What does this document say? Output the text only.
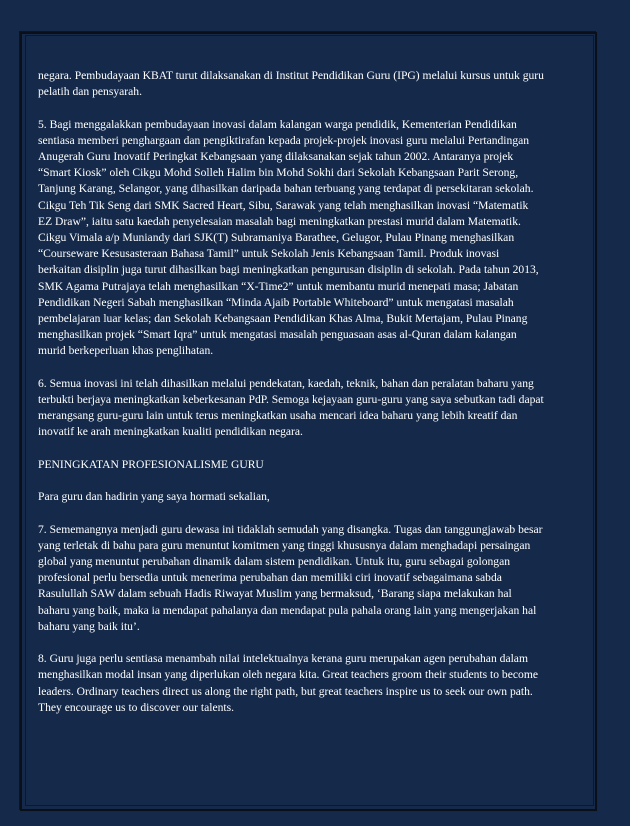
negara. Pembudayaan KBAT turut dilaksanakan di Institut Pendidikan Guru (IPG) melalui kursus untuk guru
pelatih dan pensyarah.

5. Bagi menggalakkan pembudayaan inovasi dalam kalangan warga pendidik, Kementerian Pendidikan
sentiasa memberi penghargaan dan pengiktirafan kepada projek-projek inovasi guru melalui Pertandingan
Anugerah Guru Inovatif Peringkat Kebangsaan yang dilaksanakan sejak tahun 2002. Antaranya projek
“Smart Kiosk” oleh Cikgu Mohd Solleh Halim bin Mohd Sokhi dari Sekolah Kebangsaan Parit Serong,
Tanjung Karang, Selangor, yang dihasilkan daripada bahan terbuang yang terdapat di persekitaran sekolah.
Cikgu Teh Tik Seng dari SMK Sacred Heart, Sibu, Sarawak yang telah menghasilkan inovasi “Matematik
EZ Draw”, iaitu satu kaedah penyelesaian masalah bagi meningkatkan prestasi murid dalam Matematik.
Cikgu Vimala a/p Muniandy dari SJK(T) Subramaniya Barathee, Gelugor, Pulau Pinang menghasilkan
“Courseware Kesusasteraan Bahasa Tamil” untuk Sekolah Jenis Kebangsaan Tamil. Produk inovasi
berkaitan disiplin juga turut dihasilkan bagi meningkatkan pengurusan disiplin di sekolah. Pada tahun 2013,
SMK Agama Putrajaya telah menghasilkan “X-Time2” untuk membantu murid menepati masa; Jabatan
Pendidikan Negeri Sabah menghasilkan “Minda Ajaib Portable Whiteboard” untuk mengatasi masalah
pembelajaran luar kelas; dan Sekolah Kebangsaan Pendidikan Khas Alma, Bukit Mertajam, Pulau Pinang
menghasilkan projek “Smart Iqra” untuk mengatasi masalah penguasaan asas al-Quran dalam kalangan
murid berkeperluan khas penglihatan.

6. Semua inovasi ini telah dihasilkan melalui pendekatan, kaedah, teknik, bahan dan peralatan baharu yang
terbukti berjaya meningkatkan keberkesanan PdP. Semoga kejayaan guru-guru yang saya sebutkan tadi dapat
merangsang guru-guru lain untuk terus meningkatkan usaha mencari idea baharu yang lebih kreatif dan
inovatif ke arah meningkatkan kualiti pendidikan negara.

PENINGKATAN PROFESIONALISME GURU

Para guru dan hadirin yang saya hormati sekalian,

7. Sememangnya menjadi guru dewasa ini tidaklah semudah yang disangka. Tugas dan tanggungjawab besar
yang terletak di bahu para guru menuntut komitmen yang tinggi khususnya dalam menghadapi persaingan
global yang menuntut perubahan dinamik dalam sistem pendidikan. Untuk itu, guru sebagai golongan
profesional perlu bersedia untuk menerima perubahan dan memiliki ciri inovatif sebagaimana sabda
Rasulullah SAW dalam sebuah Hadis Riwayat Muslim yang bermaksud, ‘Barang siapa melakukan hal
baharu yang baik, maka ia mendapat pahalanya dan mendapat pula pahala orang lain yang mengerjakan hal
baharu yang baik itu’.

8. Guru juga perlu sentiasa menambah nilai intelektualnya kerana guru merupakan agen perubahan dalam
menghasilkan modal insan yang diperlukan oleh negara kita. Great teachers groom their students to become
leaders. Ordinary teachers direct us along the right path, but great teachers inspire us to seek our own path.
They encourage us to discover our talents.
